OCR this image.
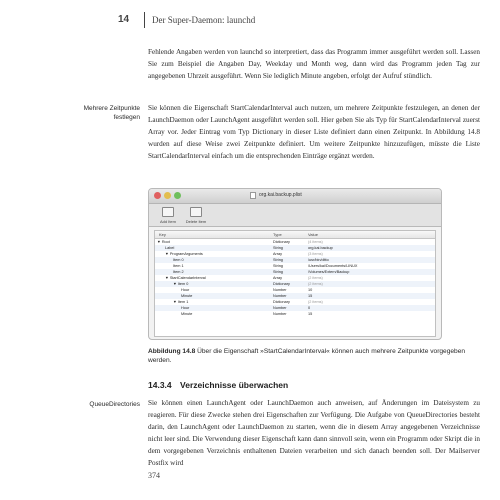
14	Der Super-Daemon: launchd

Fehlende Angaben werden von launchd so interpretiert, dass das Programm immer ausgeführt werden soll. Lassen Sie zum Beispiel die Angaben Day, Weekday und Month weg, dann wird das Programm jeden Tag zur angegebenen Uhrzeit ausgeführt. Wenn Sie lediglich Minute angeben, erfolgt der Aufruf stündlich.

Mehrere Zeitpunkte festlegen

Sie können die Eigenschaft StartCalendarInterval auch nutzen, um mehrere Zeitpunkte festzulegen, an denen der LaunchDaemon oder LaunchAgent ausgeführt werden soll. Hier geben Sie als Typ für StartCalendarInterval zuerst Array vor. Jeder Eintrag vom Typ Dictionary in dieser Liste definiert dann einen Zeitpunkt. In Abbildung 14.8 wurden auf diese Weise zwei Zeitpunkte definiert. Um weitere Zeitpunkte hinzuzufügen, müsste die Liste StartCalendarInterval einfach um die entsprechenden Einträge ergänzt werden.

org.kai.backup.plist
Add Item	Delete Item
Key	Type	Value
▼ Root	Dictionary	(4 items)
Label	String	org.kai.backup
▼ ProgramArguments	Array	(3 items)
Item 0	String	/usr/bin/ditto
Item 1	String	/Users/kai/Documents/LINUX
Item 2	String	/Volumes/Extern/Backup
▼ StartCalendarInterval	Array	(2 items)
▼ Item 0	Dictionary	(2 items)
Hour	Number	10
Minute	Number	15
▼ Item 1	Dictionary	(2 items)
Hour	Number	0
Minute	Number	15
Abbildung 14.8 Über die Eigenschaft »StartCalendarInterval« können auch mehrere Zeitpunkte vorgegeben werden.
14.3.4 Verzeichnisse überwachen
QueueDirectories Sie können einen LaunchAgent oder LaunchDaemon auch anweisen, auf Änderungen im Dateisystem zu reagieren. Für diese Zwecke stehen drei Eigenschaften zur Verfügung. Die Aufgabe von QueueDirectories besteht darin, den LaunchAgent oder LaunchDaemon zu starten, wenn die in diesem Array angegebenen Verzeichnisse nicht leer sind. Die Verwendung dieser Eigenschaft kann dann sinnvoll sein, wenn ein Programm oder Skript die in dem vorgegebenen Verzeichnis enthaltenen Dateien verarbeiten und sich danach beenden soll. Der Mailserver Postfix wird

374
